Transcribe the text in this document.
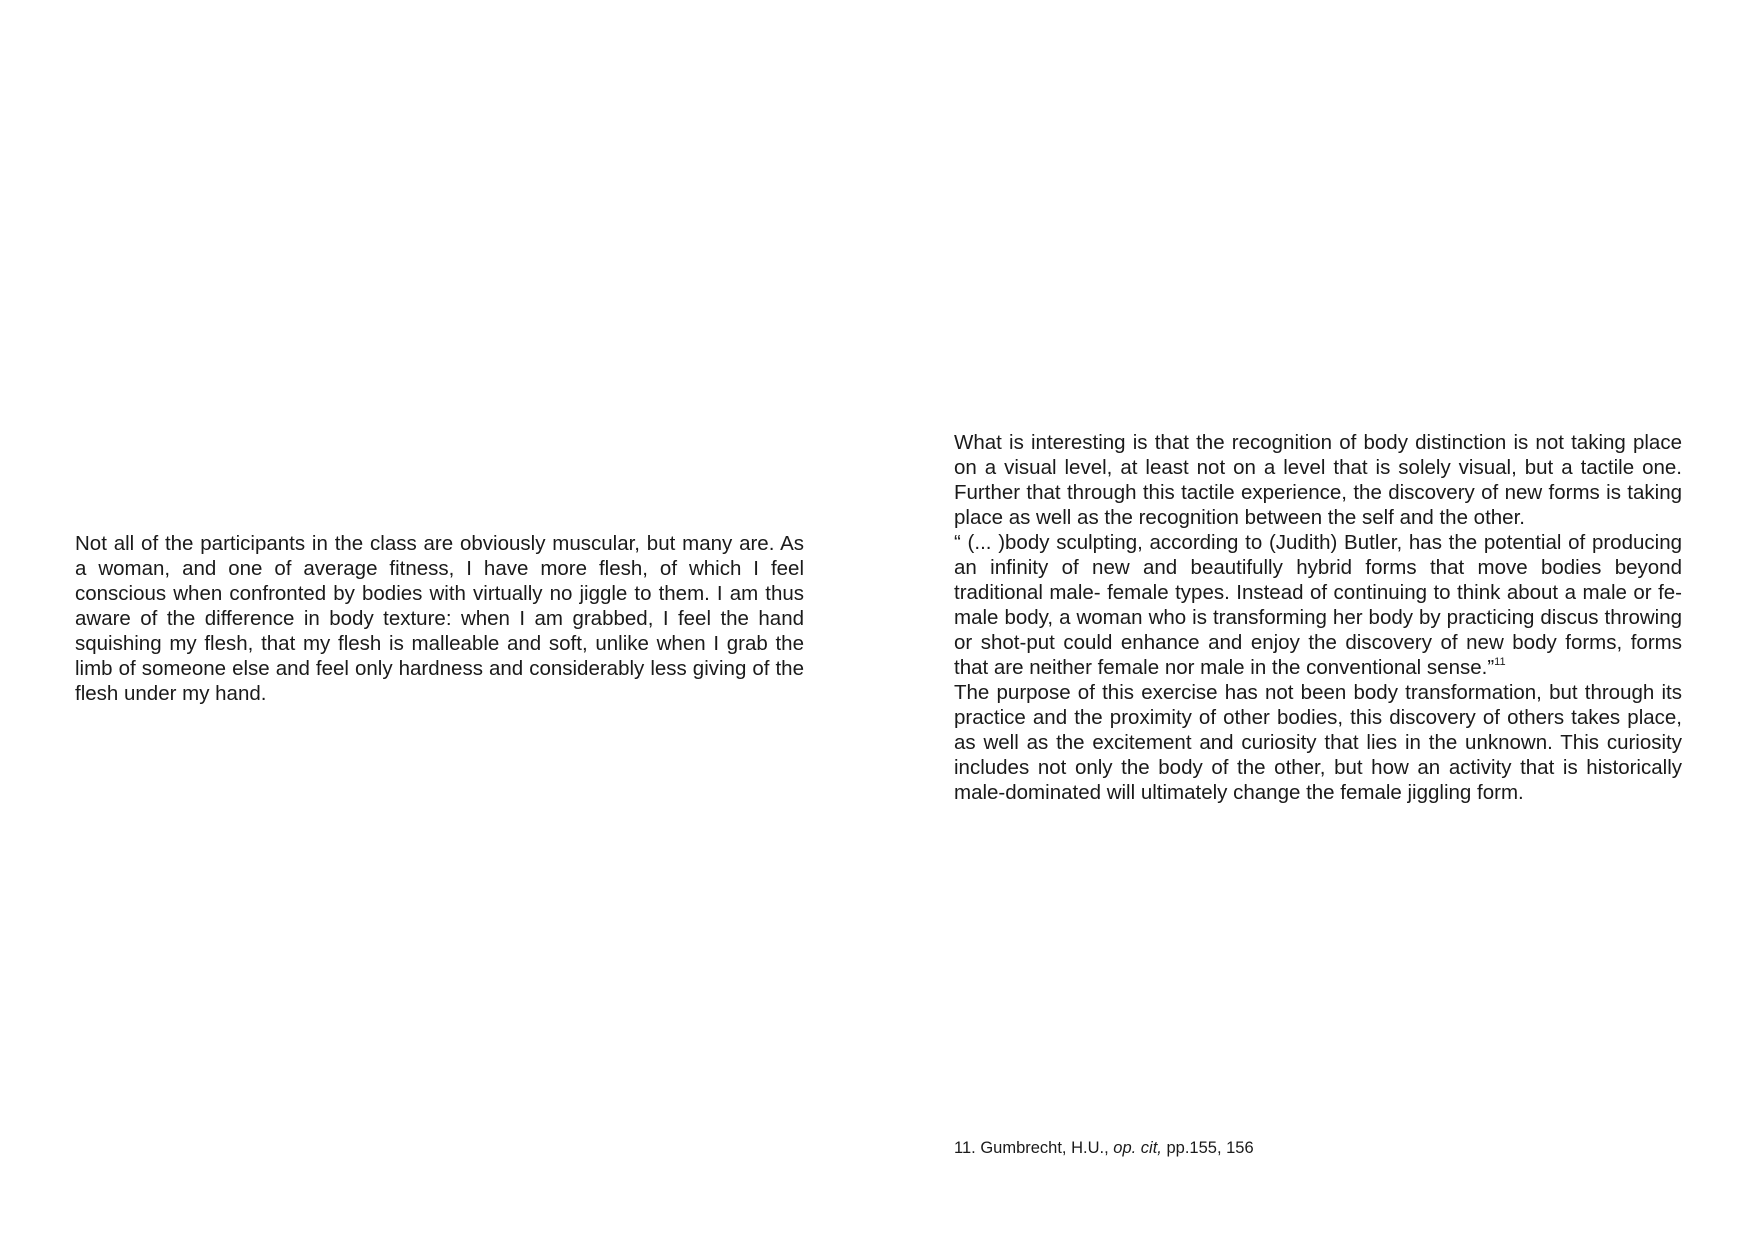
Not all of the participants in the class are obviously muscular, but many are. As a woman, and one of average fitness, I have more flesh, of which I feel conscious when confronted by bodies with virtually no jiggle to them. I am thus aware of the difference in body texture: when I am grabbed, I feel the hand squishing my flesh, that my flesh is malleable and soft, unlike when I grab the limb of someone else and feel only hardness and considerably less giving of the flesh under my hand.

What is interesting is that the recognition of body distinction is not taking place on a visual level, at least not on a level that is solely visual, but a tactile one. Further that through this tactile experience, the discovery of new forms is taking place as well as the recognition between the self and the other.

“ (... )body sculpting, according to (Judith) Butler, has the potential of producing an infinity of new and beautifully hybrid forms that move bodies beyond traditional male- female types. Instead of continuing to think about a male or female body, a woman who is transforming her body by practicing discus throwing or shot-put could enhance and enjoy the discovery of new body forms, forms that are neither female nor male in the conventional sense.”$^{11}$

The purpose of this exercise has not been body transformation, but through its practice and the proximity of other bodies, this discovery of others takes place, as well as the excitement and curiosity that lies in the unknown. This curiosity includes not only the body of the other, but how an activity that is historically male-dominated will ultimately change the female jiggling form.

11. Gumbrecht, H.U., op. cit, pp.155, 156
